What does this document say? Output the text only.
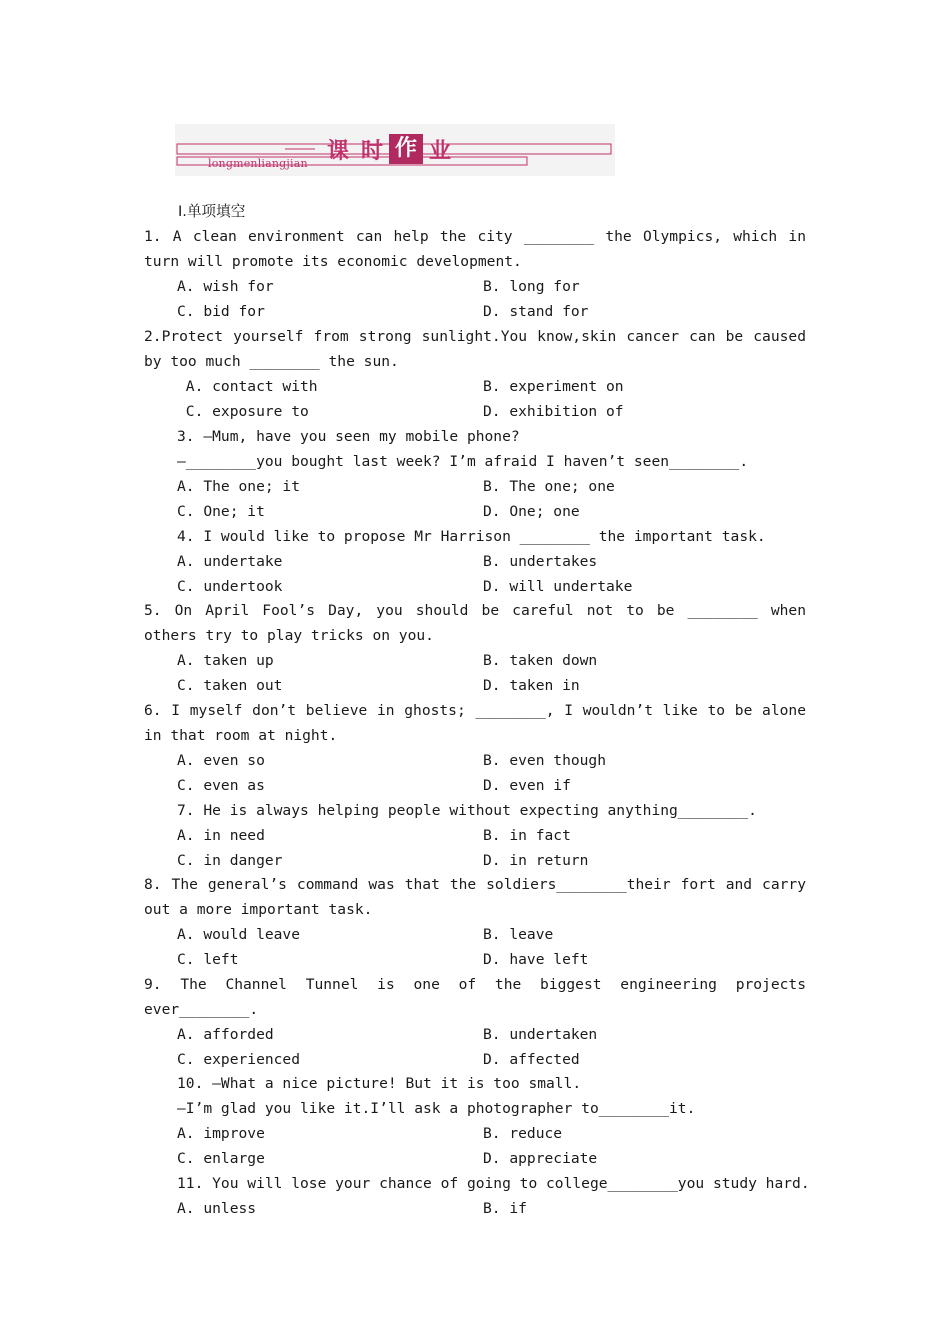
longmenliangjian 课 时 作 业
Ⅰ.单项填空
1. A clean environment can help the city ________ the Olympics, which in
turn will promote its economic development.
A. wish for	B. long for
C. bid for	D. stand for
2.Protect yourself from strong sunlight.You know,skin cancer can be caused
by too much ________ the sun.
A. contact with	B. experiment on
C. exposure to	D. exhibition of
3. —Mum, have you seen my mobile phone?
—________you bought last week? I’m afraid I haven’t seen________.
A. The one; it	B. The one; one
C. One; it	D. One; one
4. I would like to propose Mr Harrison ________ the important task.
A. undertake	B. undertakes
C. undertook	D. will undertake
5. On April Fool’s Day, you should be careful not to be ________ when
others try to play tricks on you.
A. taken up	B. taken down
C. taken out	D. taken in
6. I myself don’t believe in ghosts; ________, I wouldn’t like to be alone
in that room at night.
A. even so	B. even though
C. even as	D. even if
7. He is always helping people without expecting anything________.
A. in need	B. in fact
C. in danger	D. in return
8. The general’s command was that the soldiers________their fort and carry
out a more important task.
A. would leave	B. leave
C. left	D. have left
9. The Channel Tunnel is one of the biggest engineering projects
ever________.
A. afforded	B. undertaken
C. experienced	D. affected
10. —What a nice picture! But it is too small.
—I’m glad you like it.I’ll ask a photographer to________it.
A. improve	B. reduce
C. enlarge	D. appreciate
11. You will lose your chance of going to college________you study hard.
A. unless	B. if
